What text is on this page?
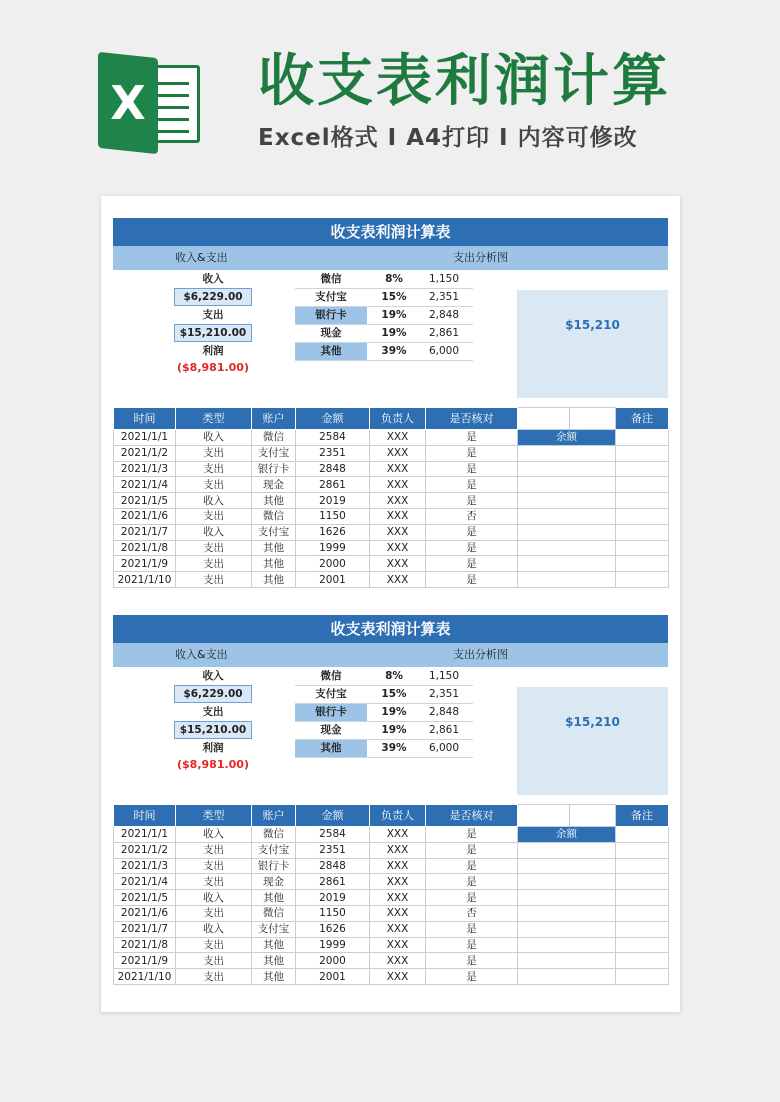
X 收支表利润计算
Excel格式 I A4打印 I 内容可修改
收支表利润计算表
收入&支出	支出分析图
收入
$6,229.00
支出
$15,210.00
利润
($8,981.00)
微信	8%	1,150
支付宝	15%	2,351
银行卡	19%	2,848
现金	19%	2,861
其他	39%	6,000
$15,210
时间	类型	账户	金额	负责人	是否核对			备注
2021/1/1	收入	微信	2584	XXX	是	余额		
2021/1/2	支出	支付宝	2351	XXX	是			
2021/1/3	支出	银行卡	2848	XXX	是			
2021/1/4	支出	现金	2861	XXX	是			
2021/1/5	收入	其他	2019	XXX	是			
2021/1/6	支出	微信	1150	XXX	否			
2021/1/7	收入	支付宝	1626	XXX	是			
2021/1/8	支出	其他	1999	XXX	是			
2021/1/9	支出	其他	2000	XXX	是			
2021/1/10	支出	其他	2001	XXX	是			
收支表利润计算表
收入&支出	支出分析图
收入
$6,229.00
支出
$15,210.00
利润
($8,981.00)
微信	8%	1,150
支付宝	15%	2,351
银行卡	19%	2,848
现金	19%	2,861
其他	39%	6,000
$15,210
时间	类型	账户	金额	负责人	是否核对			备注
2021/1/1	收入	微信	2584	XXX	是	余额		
2021/1/2	支出	支付宝	2351	XXX	是			
2021/1/3	支出	银行卡	2848	XXX	是			
2021/1/4	支出	现金	2861	XXX	是			
2021/1/5	收入	其他	2019	XXX	是			
2021/1/6	支出	微信	1150	XXX	否			
2021/1/7	收入	支付宝	1626	XXX	是			
2021/1/8	支出	其他	1999	XXX	是			
2021/1/9	支出	其他	2000	XXX	是			
2021/1/10	支出	其他	2001	XXX	是			
